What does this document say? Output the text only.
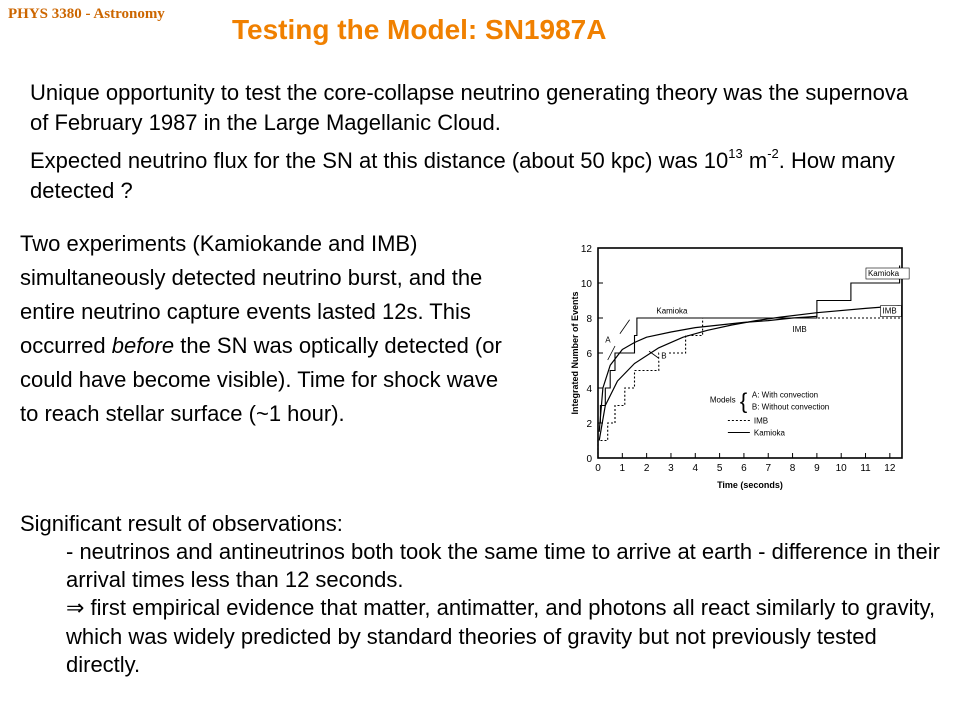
PHYS 3380 - Astronomy Testing the Model: SN1987A

Unique opportunity to test the core-collapse neutrino generating theory was the supernova of February 1987 in the Large Magellanic Cloud.

Expected neutrino flux for the SN at this distance (about 50 kpc) was $10^{13}$ $m^{-2}$. How many detected ?

Two experiments (Kamiokande and IMB) simultaneously detected neutrino burst, and the entire neutrino capture events lasted 12s. This occurred before the SN was optically detected (or could have become visible). Time for shock wave to reach stellar surface (~1 hour).

0 1 2 3 4 5 6 7 8 9 10 11 12
0
2
4
6
8
10
12
Time (seconds)
Integrated Number of Events
Kamioka
IMB
Kamioka
IMB
A
B
Models { A: With convection
B: Without convection
IMB
Kamioka
Significant result of observations:
- neutrinos and antineutrinos both took the same time to arrive at earth - difference in their arrival times less than 12 seconds.
⇒ first empirical evidence that matter, antimatter, and photons all react similarly to gravity, which was widely predicted by standard theories of gravity but not previously tested directly.
